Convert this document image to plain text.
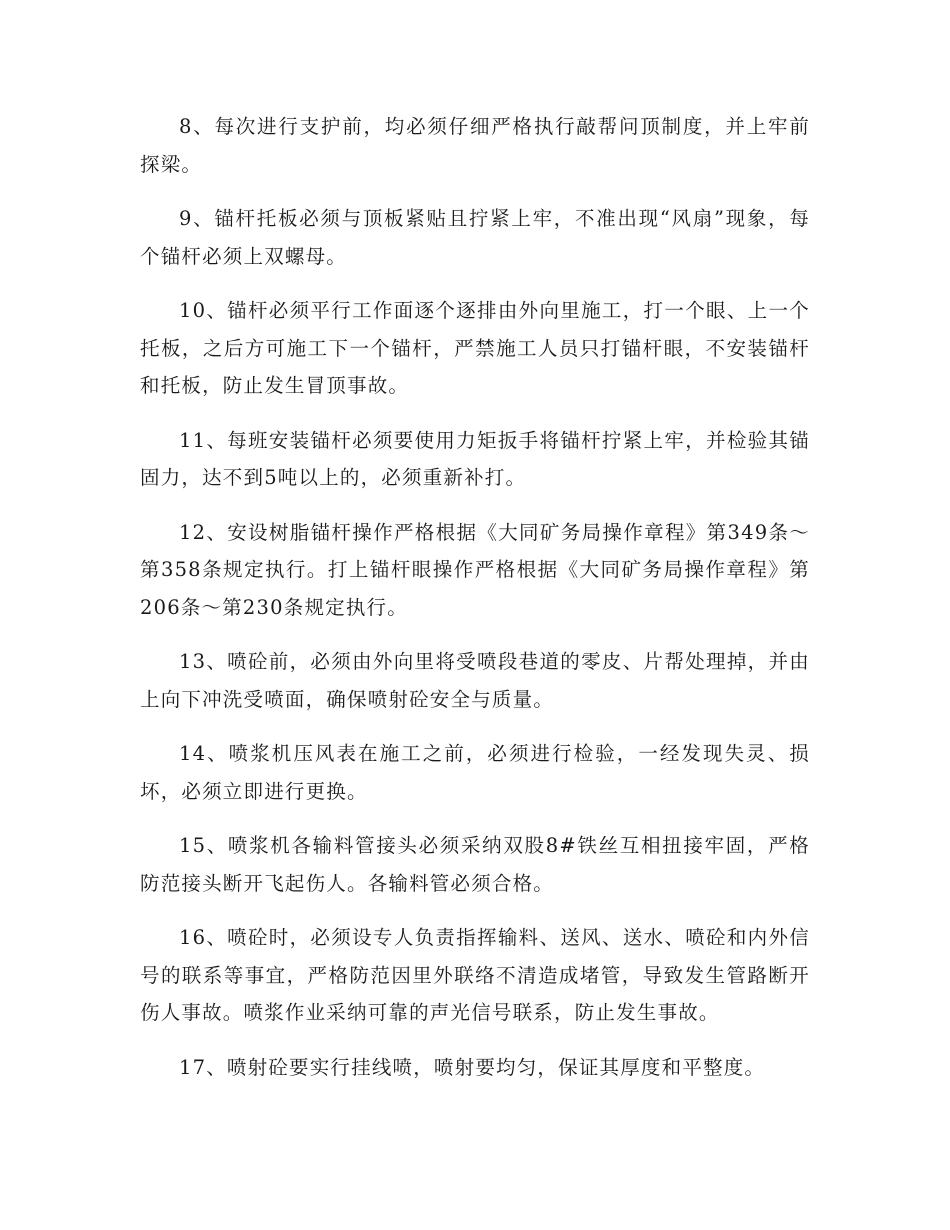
8、每次进行支护前，均必须仔细严格执行敲帮问顶制度，并上牢前探梁。

9、锚杆托板必须与顶板紧贴且拧紧上牢，不准出现“风扇”现象，每个锚杆必须上双螺母。

10、锚杆必须平行工作面逐个逐排由外向里施工，打一个眼、上一个托板，之后方可施工下一个锚杆，严禁施工人员只打锚杆眼，不安装锚杆和托板，防止发生冒顶事故。

11、每班安装锚杆必须要使用力矩扳手将锚杆拧紧上牢，并检验其锚固力，达不到5吨以上的，必须重新补打。

12、安设树脂锚杆操作严格根据《大同矿务局操作章程》第349条～第358条规定执行。打上锚杆眼操作严格根据《大同矿务局操作章程》第206条～第230条规定执行。

13、喷砼前，必须由外向里将受喷段巷道的零皮、片帮处理掉，并由上向下冲洗受喷面，确保喷射砼安全与质量。

14、喷浆机压风表在施工之前，必须进行检验，一经发现失灵、损坏，必须立即进行更换。

15、喷浆机各输料管接头必须采纳双股8#铁丝互相扭接牢固，严格防范接头断开飞起伤人。各输料管必须合格。

16、喷砼时，必须设专人负责指挥输料、送风、送水、喷砼和内外信号的联系等事宜，严格防范因里外联络不清造成堵管，导致发生管路断开伤人事故。喷浆作业采纳可靠的声光信号联系，防止发生事故。

17、喷射砼要实行挂线喷，喷射要均匀，保证其厚度和平整度。
